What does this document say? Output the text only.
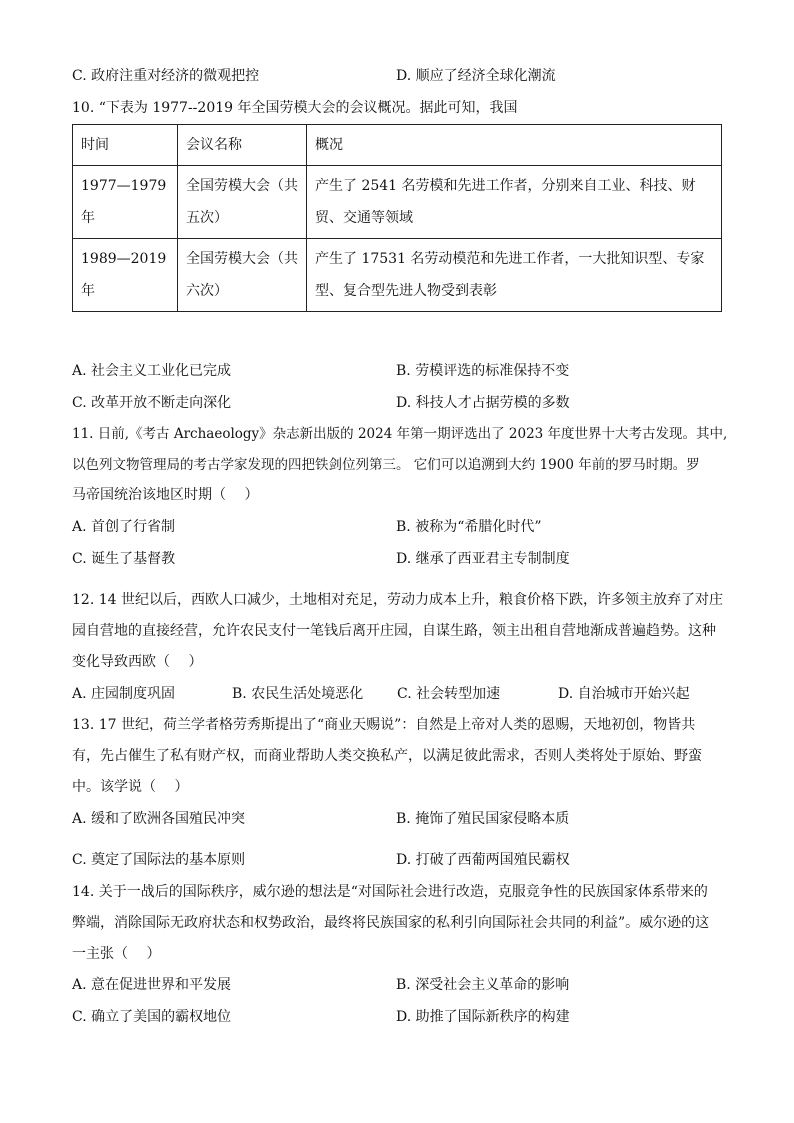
C. 政府注重对经济的微观把控	D. 顺应了经济全球化潮流
10. “下表为 1977--2019 年全国劳模大会的会议概况。据此可知，我国
时间	会议名称	概况
1977—1979 年	全国劳模大会（共五次）	产生了 2541 名劳模和先进工作者，分别来自工业、科技、财贸、交通等领域
1989—2019 年	全国劳模大会（共六次）	产生了 17531 名劳动模范和先进工作者，一大批知识型、专家型、复合型先进人物受到表彰
A. 社会主义工业化已完成	B. 劳模评选的标准保持不变
C. 改革开放不断走向深化	D. 科技人才占据劳模的多数
11. 日前,《考古 Archaeology》杂志新出版的 2024 年第一期评选出了 2023 年度世界十大考古发现。其中,
以色列文物管理局的考古学家发现的四把铁剑位列第三。 它们可以追溯到大约 1900 年前的罗马时期。罗
马帝国统治该地区时期（　 ）
A. 首创了行省制	B. 被称为“希腊化时代”
C. 诞生了基督教	D. 继承了西亚君主专制制度
12. 14 世纪以后，西欧人口减少，土地相对充足，劳动力成本上升，粮食价格下跌，许多领主放弃了对庄
园自营地的直接经营，允许农民支付一笔钱后离开庄园，自谋生路，领主出租自营地渐成普遍趋势。这种
变化导致西欧（　 ）
A. 庄园制度巩固	B. 农民生活处境恶化 C. 社会转型加速	D. 自治城市开始兴起
13. 17 世纪，荷兰学者格劳秀斯提出了“商业天赐说”：自然是上帝对人类的恩赐，天地初创，物皆共
有，先占催生了私有财产权，而商业帮助人类交换私产，以满足彼此需求，否则人类将处于原始、野蛮
中。该学说（　 ）
A. 缓和了欧洲各国殖民冲突	B. 掩饰了殖民国家侵略本质
C. 奠定了国际法的基本原则	D. 打破了西葡两国殖民霸权
14. 关于一战后的国际秩序，威尔逊的想法是“对国际社会进行改造，克服竞争性的民族国家体系带来的
弊端，消除国际无政府状态和权势政治，最终将民族国家的私利引向国际社会共同的利益”。威尔逊的这
一主张（　 ）
A. 意在促进世界和平发展	B. 深受社会主义革命的影响
C. 确立了美国的霸权地位	D. 助推了国际新秩序的构建
